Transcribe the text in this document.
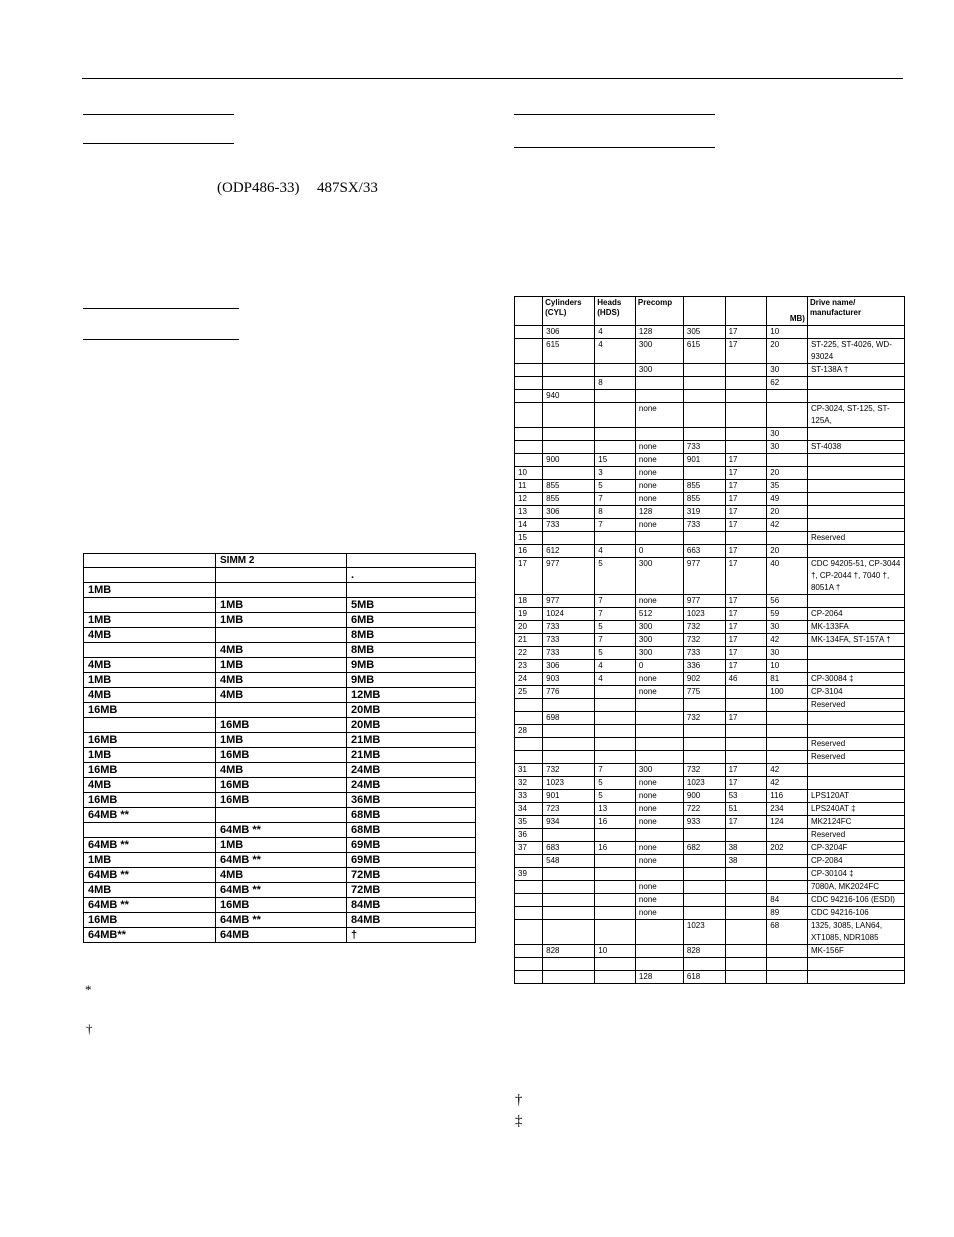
(ODP486-33) 487SX/33
	SIMM 2	
		.
1MB		
	1MB	5MB
1MB	1MB	6MB
4MB		8MB
	4MB	8MB
4MB	1MB	9MB
1MB	4MB	9MB
4MB	4MB	12MB
16MB		20MB
	16MB	20MB
16MB	1MB	21MB
1MB	16MB	21MB
16MB	4MB	24MB
4MB	16MB	24MB
16MB	16MB	36MB
64MB **		68MB
	64MB **	68MB
64MB **	1MB	69MB
1MB	64MB **	69MB
64MB **	4MB	72MB
4MB	64MB **	72MB
64MB **	16MB	84MB
16MB	64MB **	84MB
64MB**	64MB	†
*
†
	Cylinders (CYL)	Heads (HDS)	Precomp			MB)	Drive name/ manufacturer
	306	4	128	305	17	10	
	615	4	300	615	17	20	ST-225, ST-4026, WD-93024
			300			30	ST-138A †
		8				62	
	940						
			none				CP-3024, ST-125, ST-125A,
						30	
			none	733		30	ST-4038
	900	15	none	901	17		
10		3	none		17	20	
11	855	5	none	855	17	35	
12	855	7	none	855	17	49	
13	306	8	128	319	17	20	
14	733	7	none	733	17	42	
15							Reserved
16	612	4	0	663	17	20	
17	977	5	300	977	17	40	CDC 94205-51, CP-3044 †, CP-2044 †, 7040 †, 8051A †
18	977	7	none	977	17	56	
19	1024	7	512	1023	17	59	CP-2064
20	733	5	300	732	17	30	MK-133FA
21	733	7	300	732	17	42	MK-134FA, ST-157A †
22	733	5	300	733	17	30	
23	306	4	0	336	17	10	
24	903	4	none	902	46	81	CP-30084 ‡
25	776		none	775		100	CP-3104
							Reserved
	698			732	17		
28							
							Reserved
							Reserved
31	732	7	300	732	17	42	
32	1023	5	none	1023	17	42	
33	901	5	none	900	53	116	LPS120AT
34	723	13	none	722	51	234	LPS240AT ‡
35	934	16	none	933	17	124	MK2124FC
36							Reserved
37	683	16	none	682	38	202	CP-3204F
	548		none		38		CP-2084
39							CP-30104 ‡
			none				7080A, MK2024FC
			none			84	CDC 94216-106 (ESDI)
			none			89	CDC 94216-106
				1023		68	1325, 3085, LAN64, XT1085, NDR1085
	828	10		828			MK-156F

			128	618			
†
‡
